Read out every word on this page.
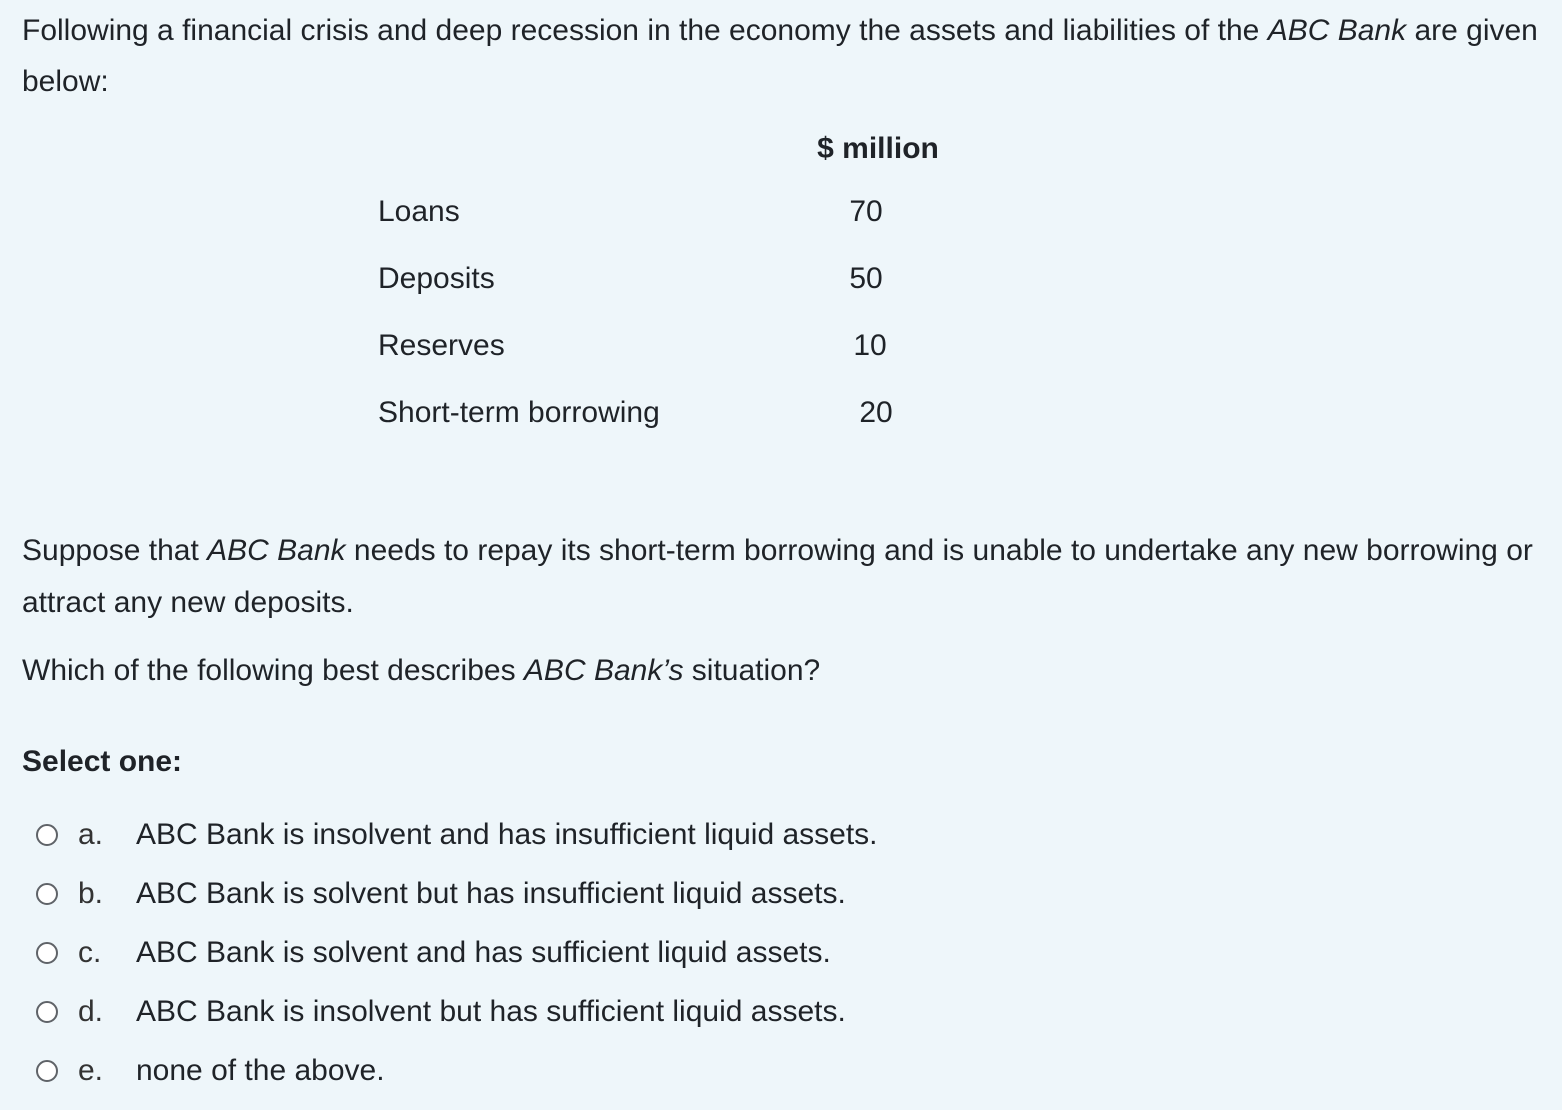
Following a financial crisis and deep recession in the economy the assets and liabilities of the ABC Bank are given below:

	$ million
Loans	70
Deposits	50
Reserves	10
Short-term borrowing	20

Suppose that ABC Bank needs to repay its short-term borrowing and is unable to undertake any new borrowing or attract any new deposits.

Which of the following best describes ABC Bank’s situation?

Select one:

a.	ABC Bank is insolvent and has insufficient liquid assets.
b.	ABC Bank is solvent but has insufficient liquid assets.
c.	ABC Bank is solvent and has sufficient liquid assets.
d.	ABC Bank is insolvent but has sufficient liquid assets.
e.	none of the above.
